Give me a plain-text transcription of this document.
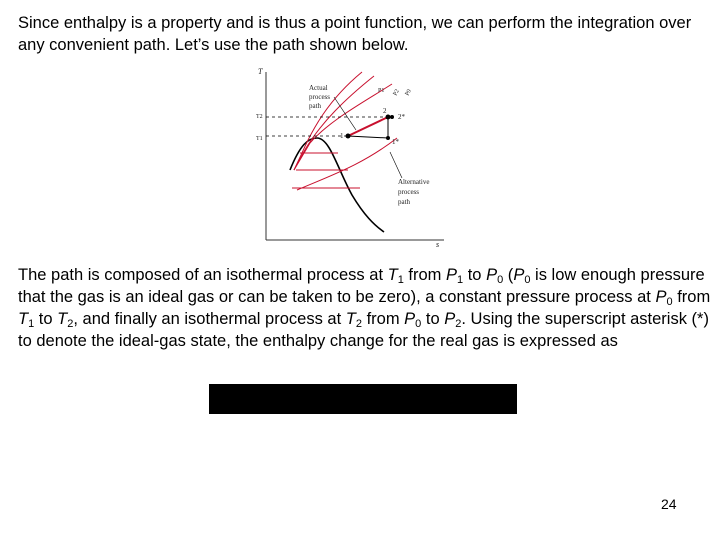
Since enthalpy is a property and is thus a point function, we can perform the integration over any convenient path. Let’s use the path shown below.
T
s
T2
T1
Actual
process
path
1
2
2*
1*
P1 P2 P0
Alternative
process
path
The path is composed of an isothermal process at $T_1$ from $P_1$ to $P_0$ ($P_0$ is low enough pressure that the gas is an ideal gas or can be taken to be zero), a constant pressure process at $P_0$ from $T_1$ to $T_2$, and finally an isothermal process at $T_2$ from $P_0$ to $P_2$. Using the superscript asterisk (*) to denote the ideal-gas state, the enthalpy change for the real gas is expressed as
24
